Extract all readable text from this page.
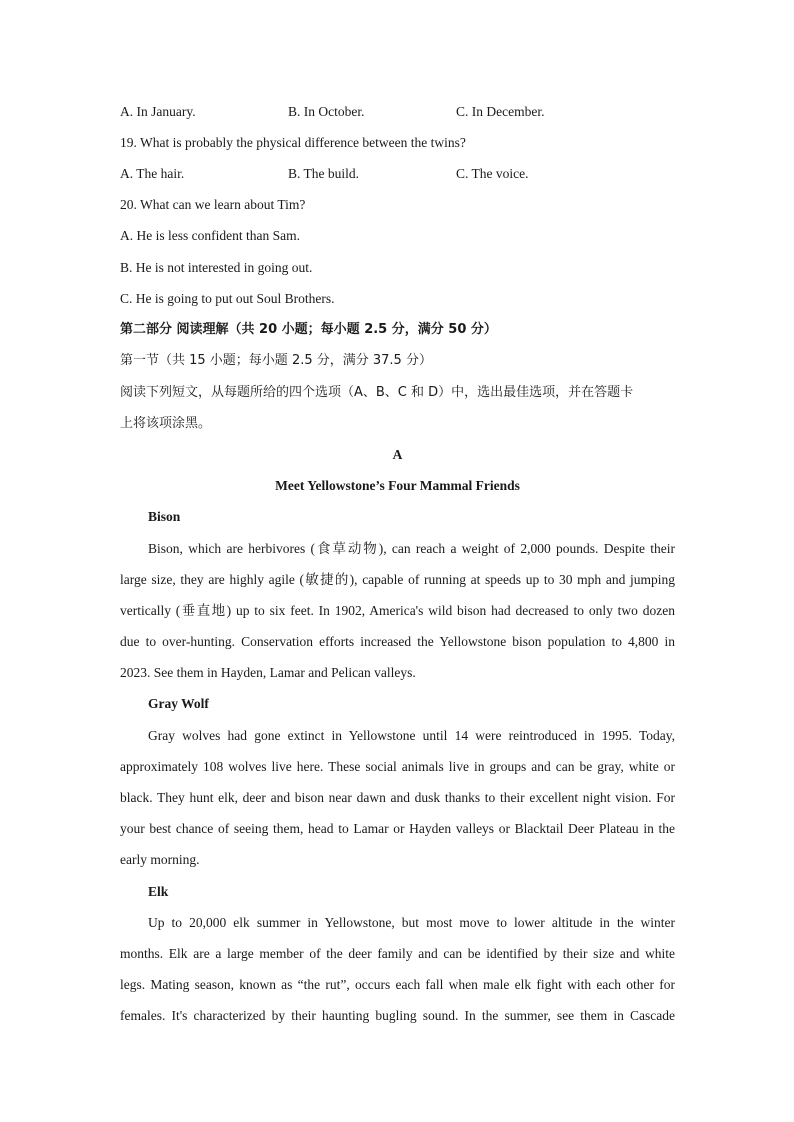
A. In January.	B. In October.	C. In December.
19. What is probably the physical difference between the twins?
A. The hair.	B. The build.	C. The voice.
20. What can we learn about Tim?
A. He is less confident than Sam.
B. He is not interested in going out.
C. He is going to put out Soul Brothers.
第二部分 阅读理解（共 20 小题；每小题 2.5 分，满分 50 分）
第一节（共 15 小题；每小题 2.5 分，满分 37.5 分）
阅读下列短文，从每题所给的四个选项（A、B、C 和 D）中，选出最佳选项，并在答题卡
上将该项涂黑。
A
Meet Yellowstone’s Four Mammal Friends
Bison
Bison, which are herbivores (食草动物), can reach a weight of 2,000 pounds. Despite their
large size, they are highly agile (敏捷的), capable of running at speeds up to 30 mph and jumping
vertically (垂直地) up to six feet. In 1902, America's wild bison had decreased to only two dozen
due to over-hunting. Conservation efforts increased the Yellowstone bison population to 4,800 in
2023. See them in Hayden, Lamar and Pelican valleys.
Gray Wolf
Gray wolves had gone extinct in Yellowstone until 14 were reintroduced in 1995. Today,
approximately 108 wolves live here. These social animals live in groups and can be gray, white or
black. They hunt elk, deer and bison near dawn and dusk thanks to their excellent night vision. For
your best chance of seeing them, head to Lamar or Hayden valleys or Blacktail Deer Plateau in the
early morning.
Elk
Up to 20,000 elk summer in Yellowstone, but most move to lower altitude in the winter
months. Elk are a large member of the deer family and can be identified by their size and white
legs. Mating season, known as “the rut”, occurs each fall when male elk fight with each other for
females. It's characterized by their haunting bugling sound. In the summer, see them in Cascade
